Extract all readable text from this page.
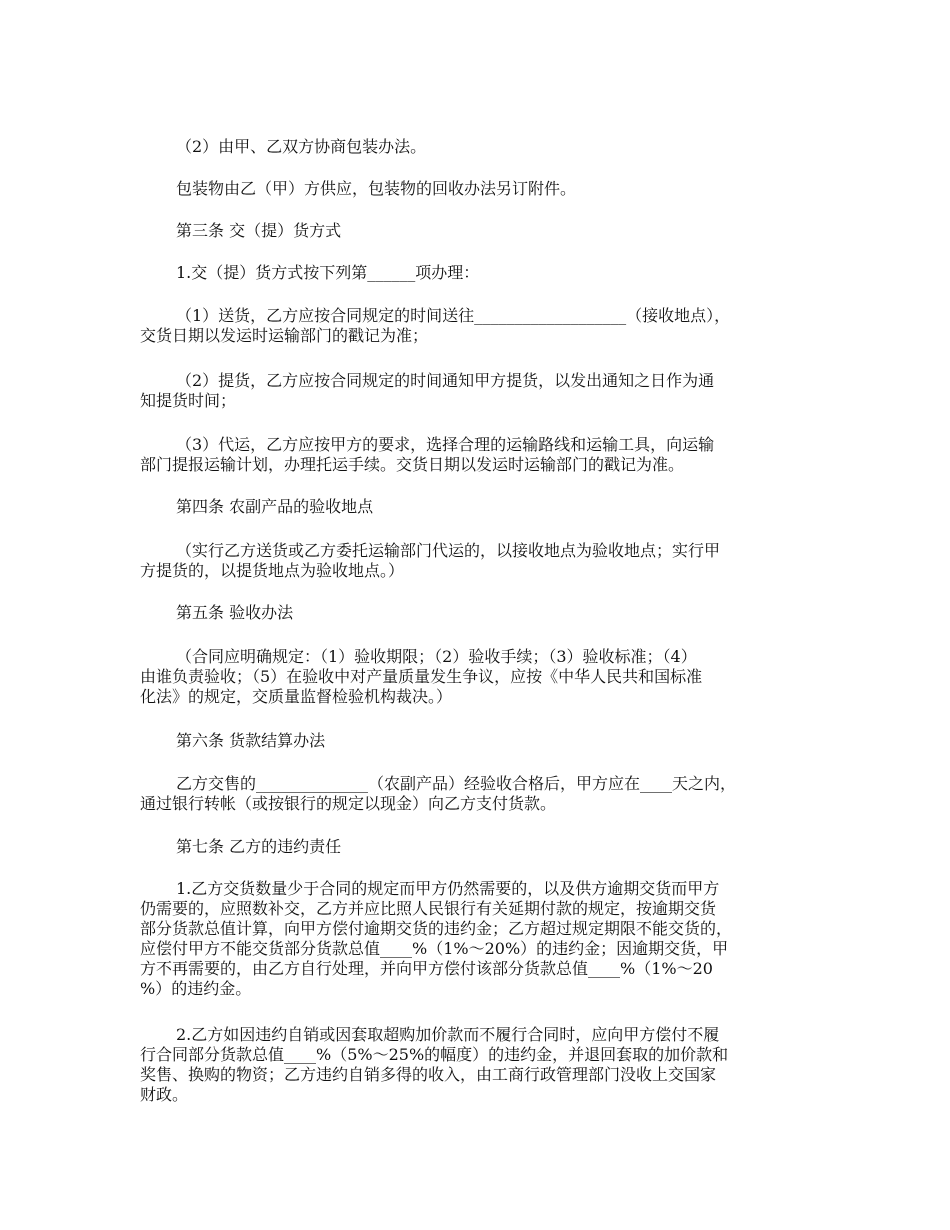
（2）由甲、乙双方协商包装办法。

包装物由乙（甲）方供应，包装物的回收办法另订附件。

第三条 交（提）货方式

1.交（提）货方式按下列第______项办理：

（1）送货，乙方应按合同规定的时间送往___________________（接收地点），
交货日期以发运时运输部门的戳记为准；

（2）提货，乙方应按合同规定的时间通知甲方提货，以发出通知之日作为通
知提货时间；

（3）代运，乙方应按甲方的要求，选择合理的运输路线和运输工具，向运输
部门提报运输计划，办理托运手续。交货日期以发运时运输部门的戳记为准。

第四条 农副产品的验收地点

（实行乙方送货或乙方委托运输部门代运的，以接收地点为验收地点；实行甲
方提货的，以提货地点为验收地点。）

第五条 验收办法

（合同应明确规定：（1）验收期限；（2）验收手续；（3）验收标准；（4）
由谁负责验收；（5）在验收中对产量质量发生争议，应按《中华人民共和国标准
化法》的规定，交质量监督检验机构裁决。）

第六条 货款结算办法

乙方交售的______________（农副产品）经验收合格后，甲方应在____天之内，
通过银行转帐（或按银行的规定以现金）向乙方支付货款。

第七条 乙方的违约责任

1.乙方交货数量少于合同的规定而甲方仍然需要的，以及供方逾期交货而甲方
仍需要的，应照数补交，乙方并应比照人民银行有关延期付款的规定，按逾期交货
部分货款总值计算，向甲方偿付逾期交货的违约金；乙方超过规定期限不能交货的，
应偿付甲方不能交货部分货款总值____%（1%～20%）的违约金；因逾期交货，甲
方不再需要的，由乙方自行处理，并向甲方偿付该部分货款总值____%（1%～20
%）的违约金。

2.乙方如因违约自销或因套取超购加价款而不履行合同时，应向甲方偿付不履
行合同部分货款总值____%（5%～25%的幅度）的违约金，并退回套取的加价款和
奖售、换购的物资；乙方违约自销多得的收入，由工商行政管理部门没收上交国家
财政。
